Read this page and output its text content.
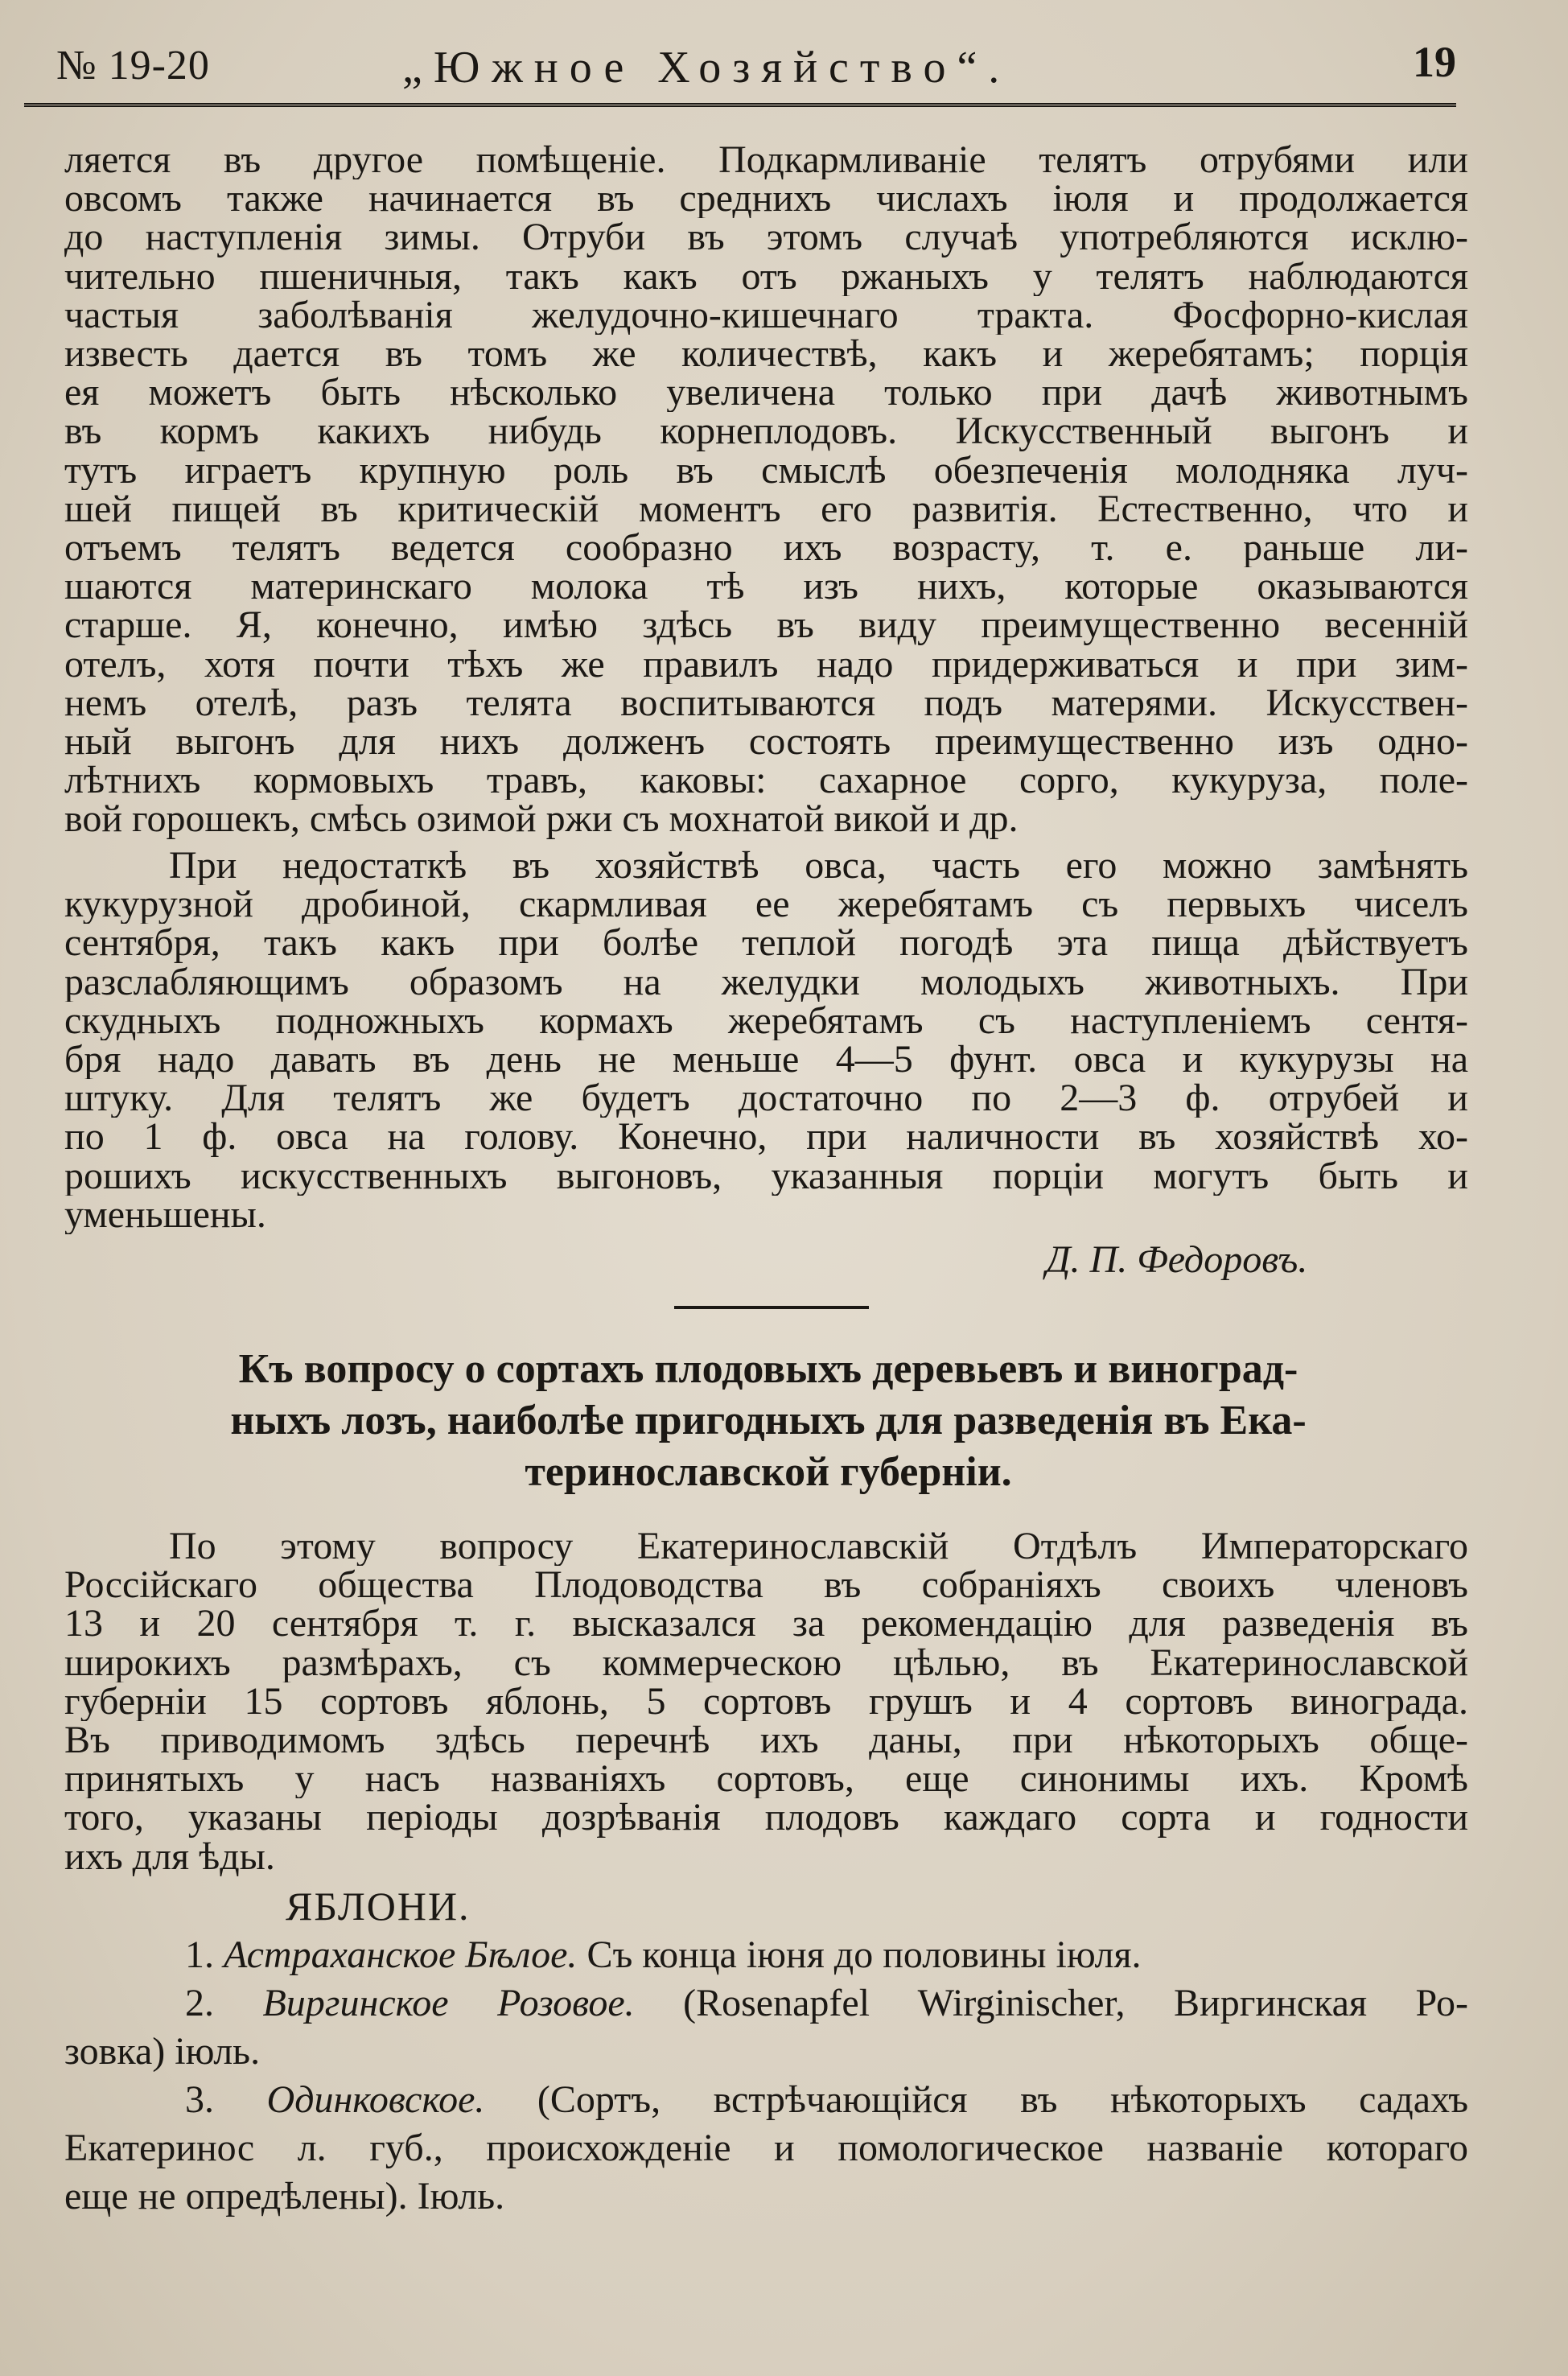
№ 19-20	„Южное Хозяйство“.	19
ляется въ другое помѣщеніе. Подкармливаніе телятъ отрубями или
овсомъ также начинается въ среднихъ числахъ іюля и продолжается
до наступленія зимы. Отруби въ этомъ случаѣ употребляются исклю-
чительно пшеничныя, такъ какъ отъ ржаныхъ у телятъ наблюдаются
частыя заболѣванія желудочно-кишечнаго тракта. Фосфорно-кислая
известь дается въ томъ же количествѣ, какъ и жеребятамъ; порція
ея можетъ быть нѣсколько увеличена только при дачѣ животнымъ
въ кормъ какихъ нибудь корнеплодовъ. Искусственный выгонъ и
тутъ играетъ крупную роль въ смыслѣ обезпеченія молодняка луч-
шей пищей въ критическій моментъ его развитія. Естественно, что и
отъемъ телятъ ведется сообразно ихъ возрасту, т. е. раньше ли-
шаются материнскаго молока тѣ изъ нихъ, которые оказываются
старше. Я, конечно, имѣю здѣсь въ виду преимущественно весенній
отелъ, хотя почти тѣхъ же правилъ надо придерживаться и при зим-
немъ отелѣ, разъ телята воспитываются подъ матерями. Искусствен-
ный выгонъ для нихъ долженъ состоять преимущественно изъ одно-
лѣтнихъ кормовыхъ травъ, каковы: сахарное сорго, кукуруза, поле-
вой горошекъ, смѣсь озимой ржи съ мохнатой викой и др.
При недостаткѣ въ хозяйствѣ овса, часть его можно замѣнять
кукурузной дробиной, скармливая ее жеребятамъ съ первыхъ чиселъ
сентября, такъ какъ при болѣе теплой погодѣ эта пища дѣйствуетъ
разслабляющимъ образомъ на желудки молодыхъ животныхъ. При
скудныхъ подножныхъ кормахъ жеребятамъ съ наступленіемъ сентя-
бря надо давать въ день не меньше 4—5 фунт. овса и кукурузы на
штуку. Для телятъ же будетъ достаточно по 2—3 ф. отрубей и
по 1 ф. овса на голову. Конечно, при наличности въ хозяйствѣ хо-
рошихъ искусственныхъ выгоновъ, указанныя порціи могутъ быть и
уменьшены.
Д. П. Федоровъ.
Къ вопросу о сортахъ плодовыхъ деревьевъ и виноград-
ныхъ лозъ, наиболѣе пригодныхъ для разведенія въ Ека-
теринославской губерніи.
По этому вопросу Екатеринославскій Отдѣлъ Императорскаго
Россійскаго общества Плодоводства въ собраніяхъ своихъ членовъ
13 и 20 сентября т. г. высказался за рекомендацію для разведенія въ
широкихъ размѣрахъ, съ коммерческою цѣлью, въ Екатеринославской
губерніи 15 сортовъ яблонь, 5 сортовъ грушъ и 4 сортовъ винограда.
Въ приводимомъ здѣсь перечнѣ ихъ даны, при нѣкоторыхъ обще-
принятыхъ у насъ названіяхъ сортовъ, еще синонимы ихъ. Кромѣ
того, указаны періоды дозрѣванія плодовъ каждаго сорта и годности
ихъ для ѣды.
ЯБЛОНИ.
1. Астраханское Бѣлое. Съ конца іюня до половины іюля.
2. Виргинское Розовое. (Rosenapfel Wirginischer, Виргинская Ро-
зовка) іюль.
3. Одинковское. (Сортъ, встрѣчающійся въ нѣкоторыхъ садахъ
Екатеринос л. губ., происхожденіе и помологическое названіе котораго
еще не опредѣлены). Іюль.
